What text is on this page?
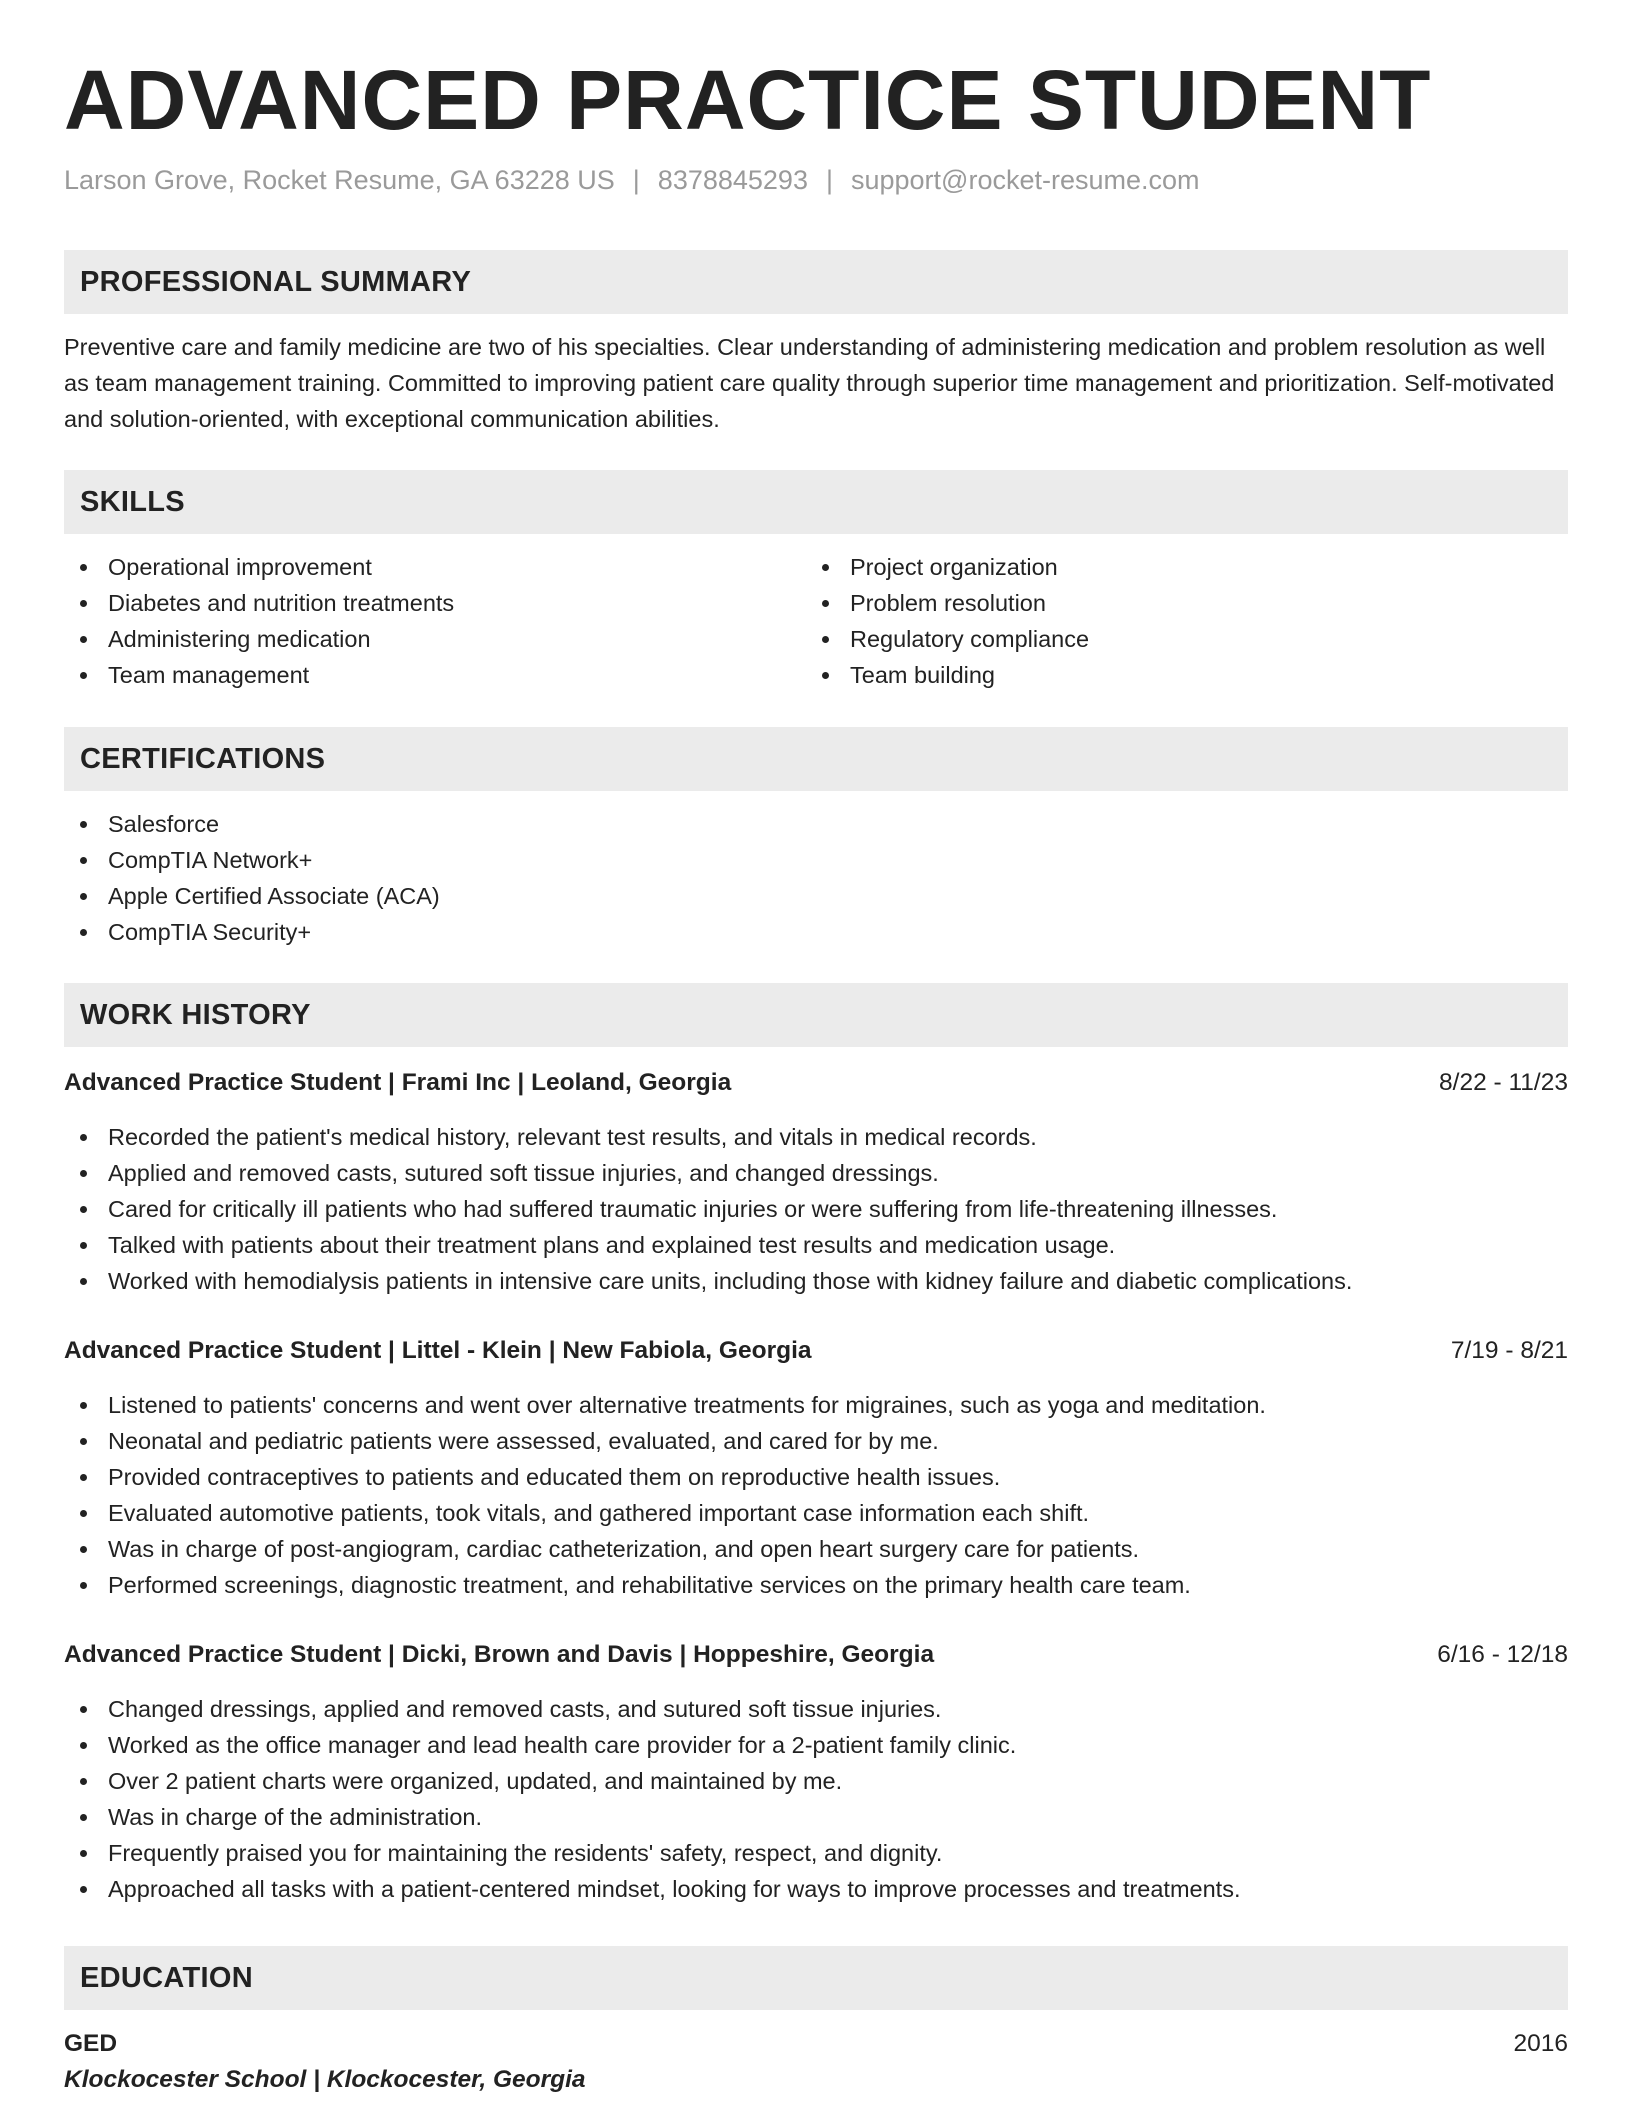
ADVANCED PRACTICE STUDENT
Larson Grove, Rocket Resume, GA 63228 US | 8378845293 | support@rocket-resume.com
PROFESSIONAL SUMMARY

Preventive care and family medicine are two of his specialties. Clear understanding of administering medication and problem resolution as well as team management training. Committed to improving patient care quality through superior time management and prioritization. Self-motivated and solution-oriented, with exceptional communication abilities.

SKILLS
Operational improvement
Diabetes and nutrition treatments
Administering medication
Team management
Project organization
Problem resolution
Regulatory compliance
Team building
CERTIFICATIONS
Salesforce
CompTIA Network+
Apple Certified Associate (ACA)
CompTIA Security+
WORK HISTORY
Advanced Practice Student | Frami Inc | Leoland, Georgia	8/22 - 11/23
Recorded the patient's medical history, relevant test results, and vitals in medical records.
Applied and removed casts, sutured soft tissue injuries, and changed dressings.
Cared for critically ill patients who had suffered traumatic injuries or were suffering from life-threatening illnesses.
Talked with patients about their treatment plans and explained test results and medication usage.
Worked with hemodialysis patients in intensive care units, including those with kidney failure and diabetic complications.
Advanced Practice Student | Littel - Klein | New Fabiola, Georgia	7/19 - 8/21
Listened to patients' concerns and went over alternative treatments for migraines, such as yoga and meditation.
Neonatal and pediatric patients were assessed, evaluated, and cared for by me.
Provided contraceptives to patients and educated them on reproductive health issues.
Evaluated automotive patients, took vitals, and gathered important case information each shift.
Was in charge of post-angiogram, cardiac catheterization, and open heart surgery care for patients.
Performed screenings, diagnostic treatment, and rehabilitative services on the primary health care team.
Advanced Practice Student | Dicki, Brown and Davis | Hoppeshire, Georgia	6/16 - 12/18
Changed dressings, applied and removed casts, and sutured soft tissue injuries.
Worked as the office manager and lead health care provider for a 2-patient family clinic.
Over 2 patient charts were organized, updated, and maintained by me.
Was in charge of the administration.
Frequently praised you for maintaining the residents' safety, respect, and dignity.
Approached all tasks with a patient-centered mindset, looking for ways to improve processes and treatments.
EDUCATION
GED	2016
Klockocester School | Klockocester, Georgia
